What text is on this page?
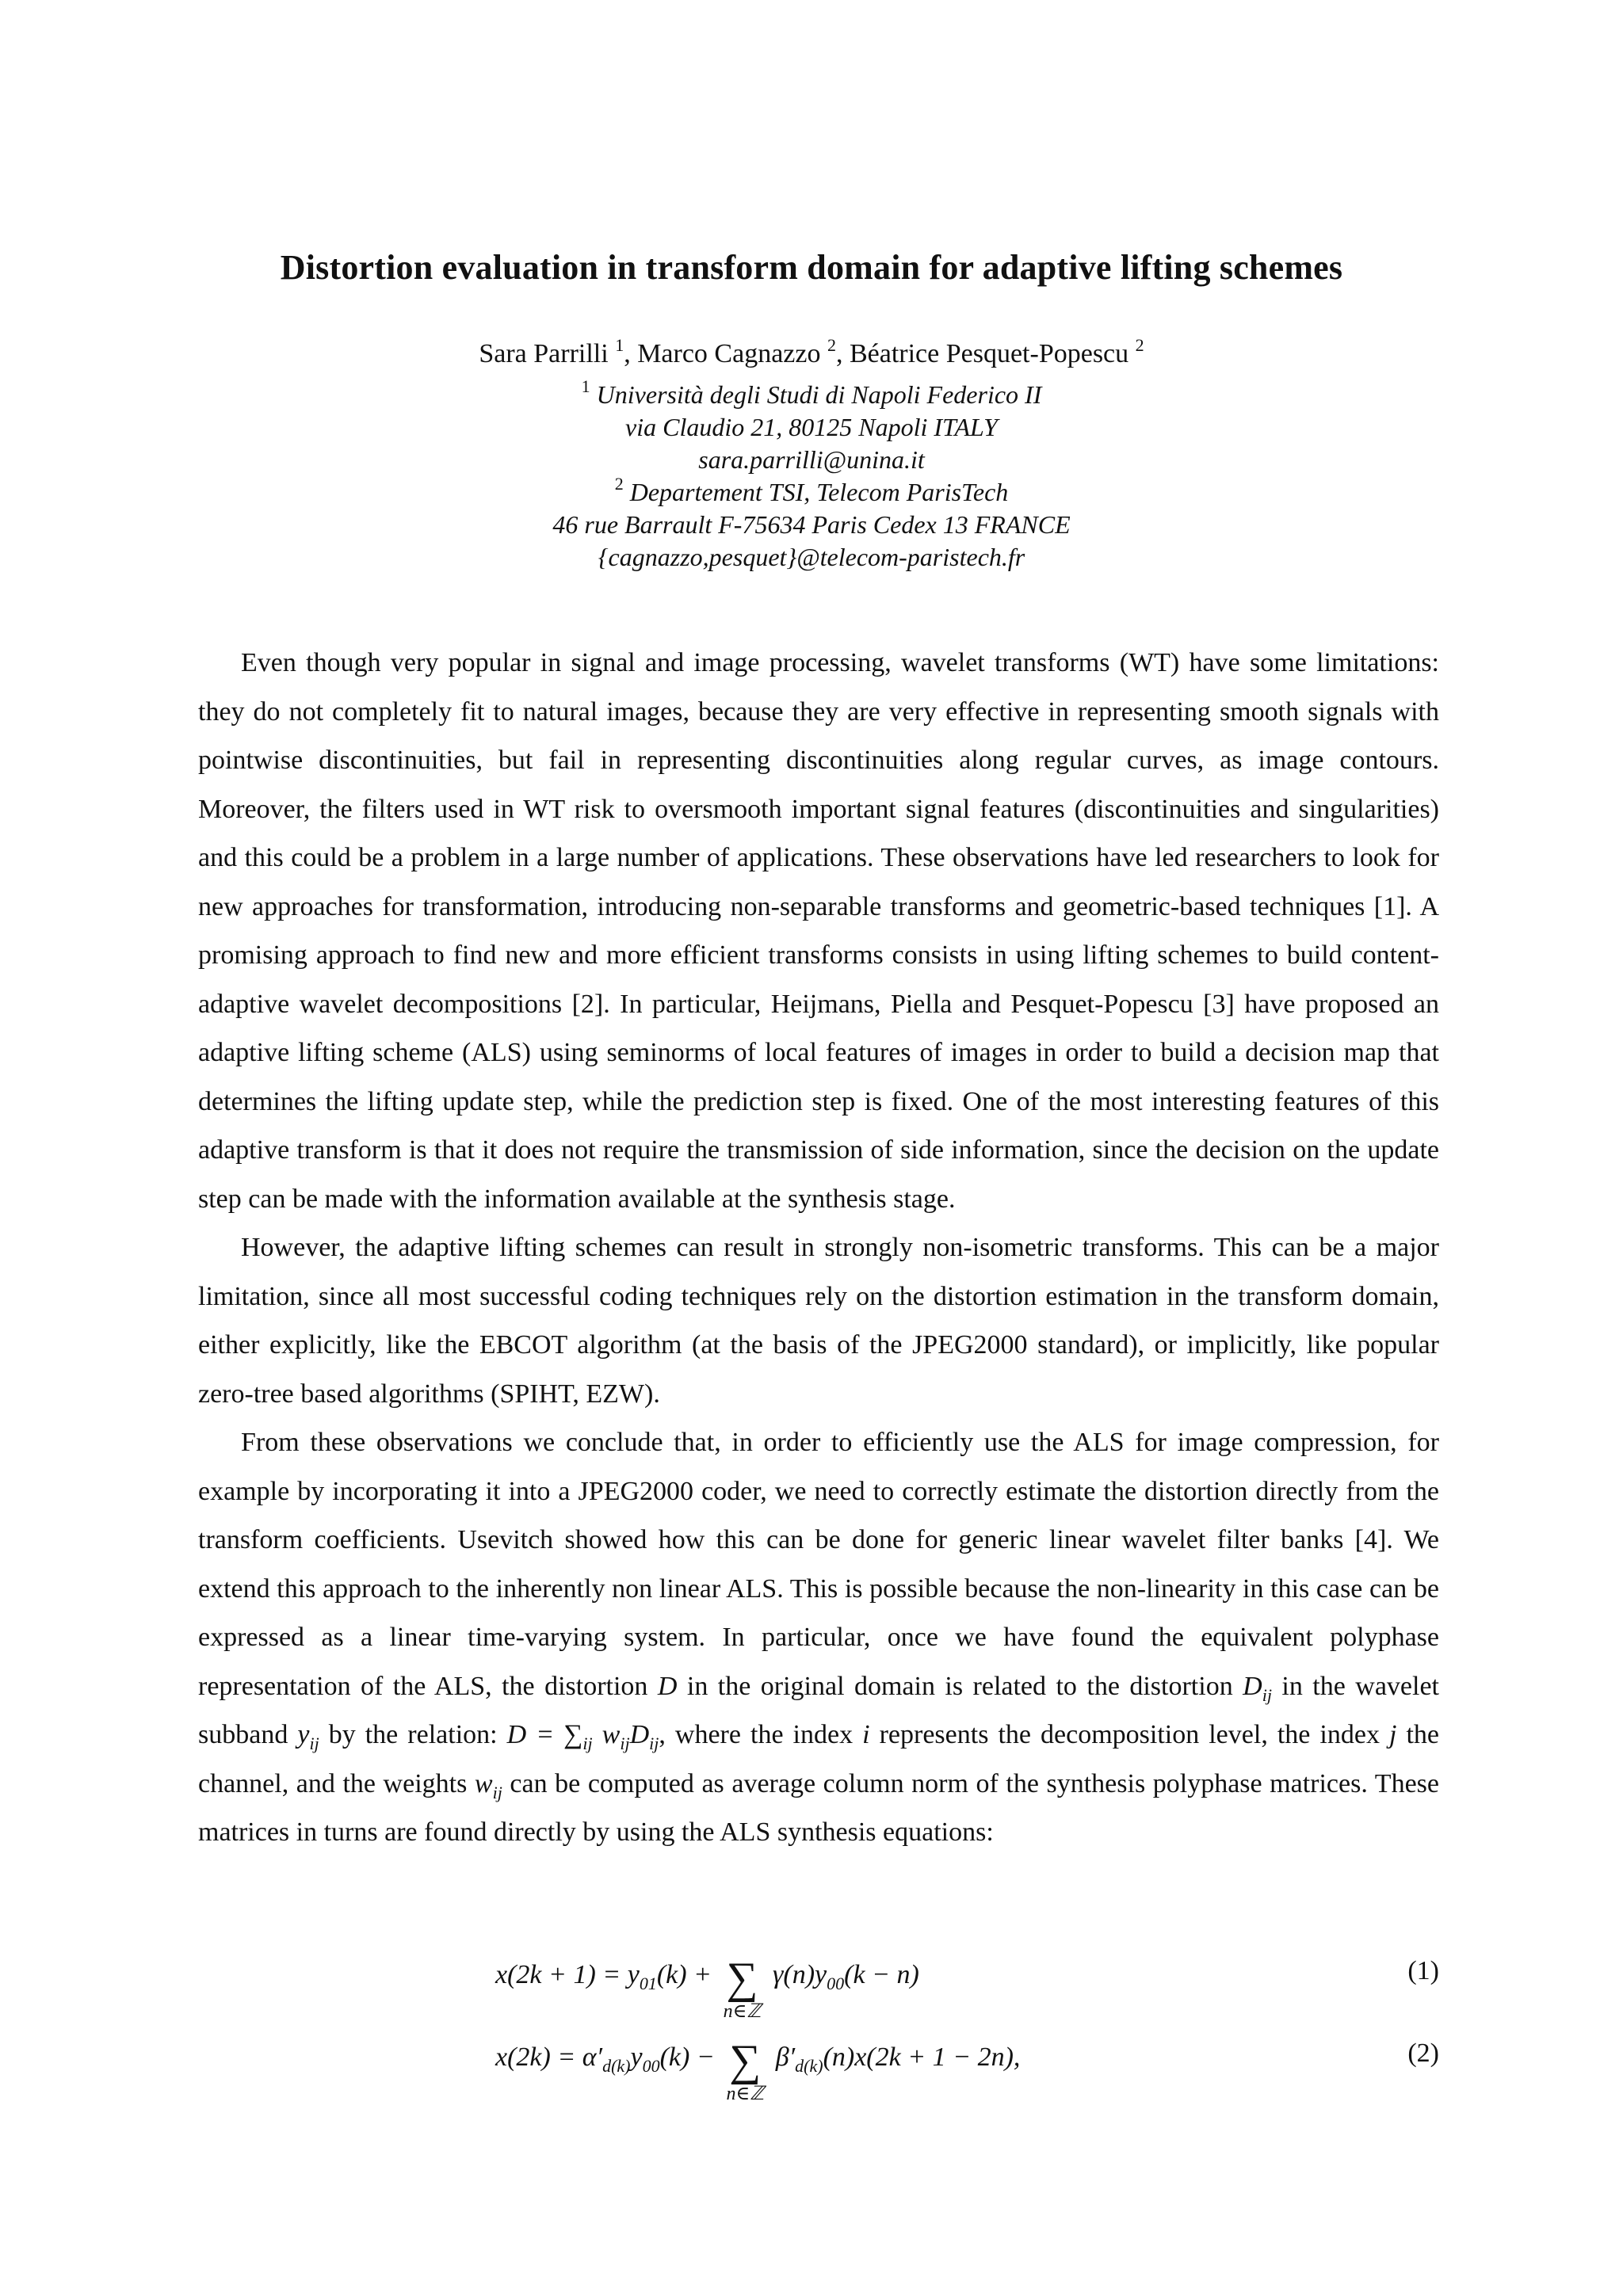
Distortion evaluation in transform domain for adaptive lifting schemes
Sara Parrilli $^1$, Marco Cagnazzo $^2$, Béatrice Pesquet-Popescu $^2$
$^1$ Università degli Studi di Napoli Federico II
via Claudio 21, 80125 Napoli ITALY
sara.parrilli@unina.it
$^2$ Departement TSI, Telecom ParisTech
46 rue Barrault F-75634 Paris Cedex 13 FRANCE
{cagnazzo,pesquet}@telecom-paristech.fr

Even though very popular in signal and image processing, wavelet transforms (WT) have some limitations: they do not completely fit to natural images, because they are very effective in representing smooth signals with pointwise discontinuities, but fail in representing discontinuities along regular curves, as image contours. Moreover, the filters used in WT risk to oversmooth important signal features (discontinuities and singularities) and this could be a problem in a large number of applications. These observations have led researchers to look for new approaches for transformation, introducing non-separable transforms and geometric-based techniques [1]. A promising approach to find new and more efficient transforms consists in using lifting schemes to build content-adaptive wavelet decompositions [2]. In particular, Heijmans, Piella and Pesquet-Popescu [3] have proposed an adaptive lifting scheme (ALS) using seminorms of local features of images in order to build a decision map that determines the lifting update step, while the prediction step is fixed. One of the most interesting features of this adaptive transform is that it does not require the transmission of side information, since the decision on the update step can be made with the information available at the synthesis stage.

However, the adaptive lifting schemes can result in strongly non-isometric transforms. This can be a major limitation, since all most successful coding techniques rely on the distortion estimation in the transform domain, either explicitly, like the EBCOT algorithm (at the basis of the JPEG2000 standard), or implicitly, like popular zero-tree based algorithms (SPIHT, EZW).

From these observations we conclude that, in order to efficiently use the ALS for image compression, for example by incorporating it into a JPEG2000 coder, we need to correctly estimate the distortion directly from the transform coefficients. Usevitch showed how this can be done for generic linear wavelet filter banks [4]. We extend this approach to the inherently non linear ALS. This is possible because the non-linearity in this case can be expressed as a linear time-varying system. In particular, once we have found the equivalent polyphase representation of the ALS, the distortion D in the original domain is related to the distortion $D_{ij}$ in the wavelet subband $y_{ij}$ by the relation: $D = \sum_{ij}$ $w_{ij}D_{ij}$, where the index i represents the decomposition level, the index j the channel, and the weights $w_{ij}$ can be computed as average column norm of the synthesis polyphase matrices. These matrices in turns are found directly by using the ALS synthesis equations:

$x(2k + 1) = y_{01}(k)$ + ∑
n∈ℤ
$\gamma(n)y_{00}(k - n)$	(1)
$x(2k) = \alpha'_{d(k)}y_{00}(k)$ − ∑
n∈ℤ
$\beta'_{d(k)}(n)x(2k + 1 - 2n)$,	(2)
